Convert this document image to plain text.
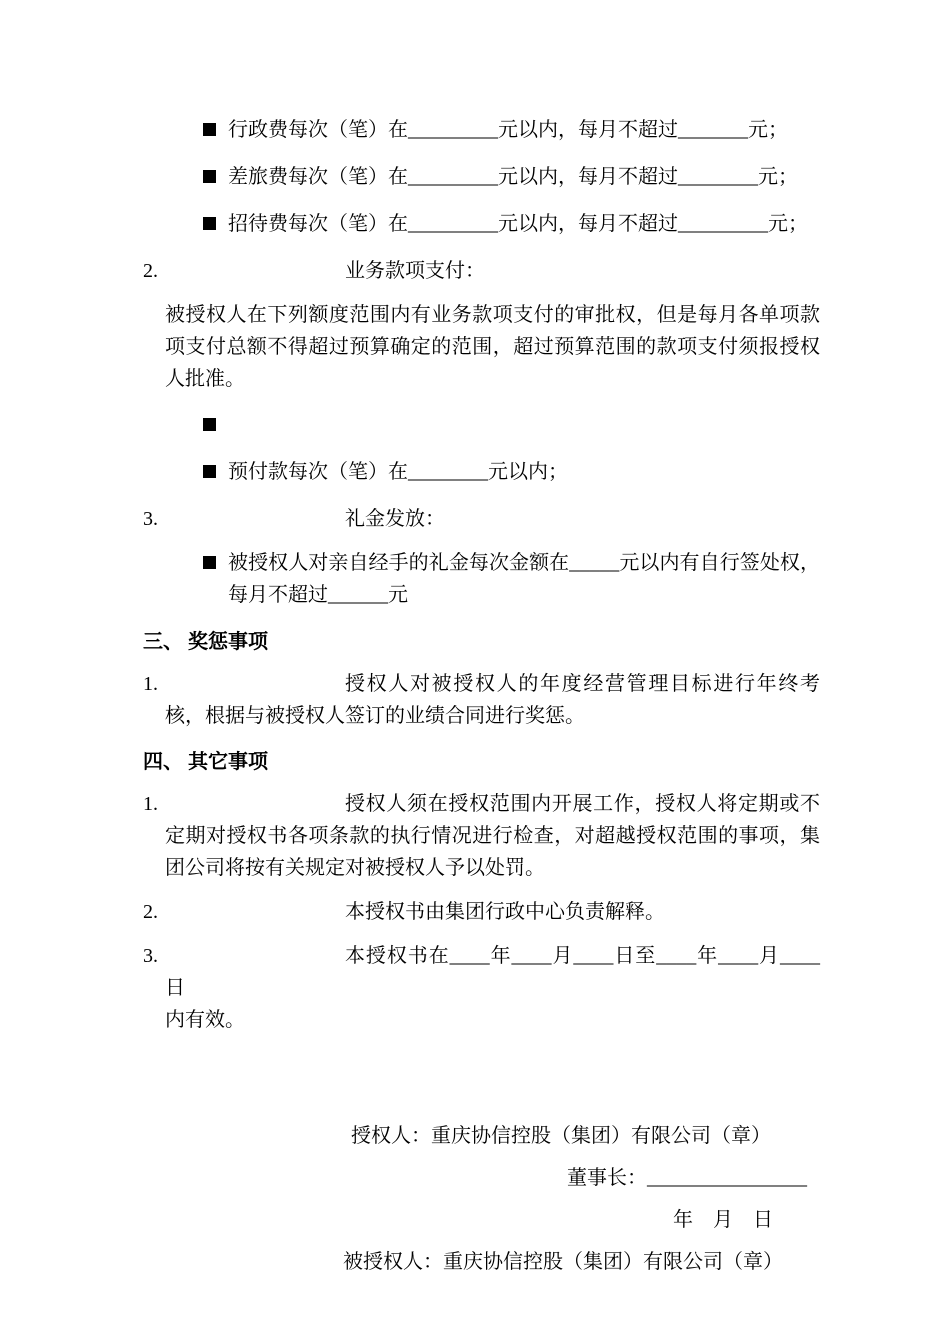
行政费每次（笔）在_________元以内，每月不超过_______元；
差旅费每次（笔）在_________元以内，每月不超过________元；
招待费每次（笔）在_________元以内，每月不超过_________元；
2.	业务款项支付：

被授权人在下列额度范围内有业务款项支付的审批权，但是每月各单项款项支付总额不得超过预算确定的范围，超过预算范围的款项支付须报授权人批准。

预付款每次（笔）在________元以内；
3.	礼金发放：
被授权人对亲自经手的礼金每次金额在_____元以内有自行签处权，每月不超过______元
三、 奖惩事项
1.	授权人对被授权人的年度经营管理目标进行年终考核，根据与被授权人签订的业绩合同进行奖惩。
四、 其它事项
1.	授权人须在授权范围内开展工作，授权人将定期或不定期对授权书各项条款的执行情况进行检查，对超越授权范围的事项，集团公司将按有关规定对被授权人予以处罚。
2.	本授权书由集团行政中心负责解释。
3.	本授权书在____年____月____日至____年____月____日
内有效。
授权人：重庆协信控股（集团）有限公司（章）
董事长：________________
年　月　日
被授权人：重庆协信控股（集团）有限公司（章）
